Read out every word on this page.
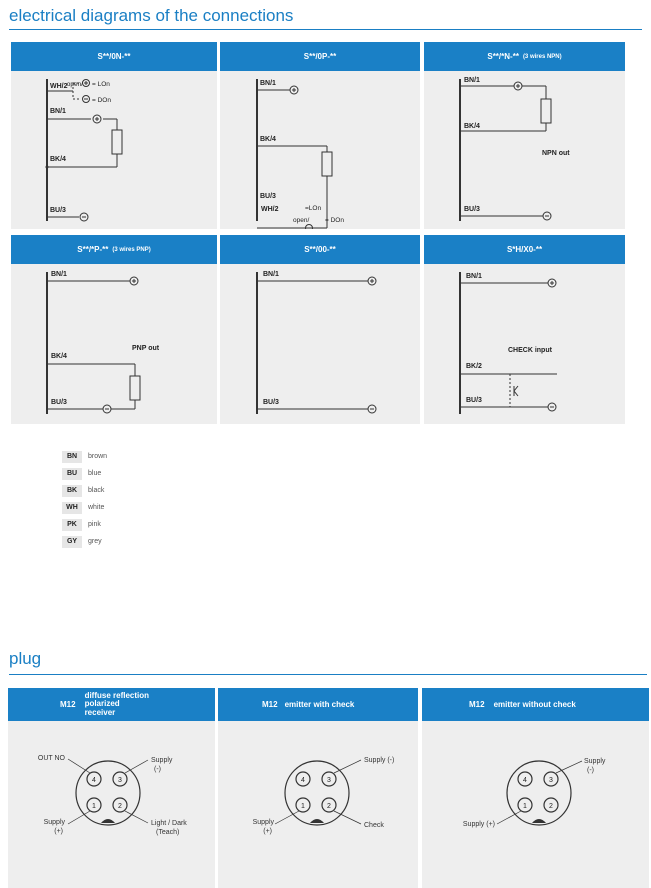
electrical diagrams of the connections
S**/0N-**
WH/2
BN/1
BK/4
BU/3
open/ = LOn
= DOn
S**/0P-**
BN/1
BK/4
BU/3
S**/*N-** (3 wires NPN)
BN/1
BK/4
BU/3
NPN out
S**/*P-** (3 wires PNP)
BN/1
BK/4
BU/3
PNP out
S**/00-**
BN/1
BU/3
S*H/X0-**
BN/1
BK/2
BU/3
CHECK input
BN	brown
BU	blue
BK	black
WH	white
PK	pink
GY	grey
plug
M12
diffuse reflection
polarized
receiver
4	3
1	2
OUT NO	Supply
(-)
Supply
(+)
Light / Dark
(Teach)
M12 emitter with check
4	3
1	2
Supply (-)
Supply
(+)
Check
M12 emitter without check
4	3
1	2
Supply
(-)
Supply (+)
WH/2	=LOn
open/ = DOn
